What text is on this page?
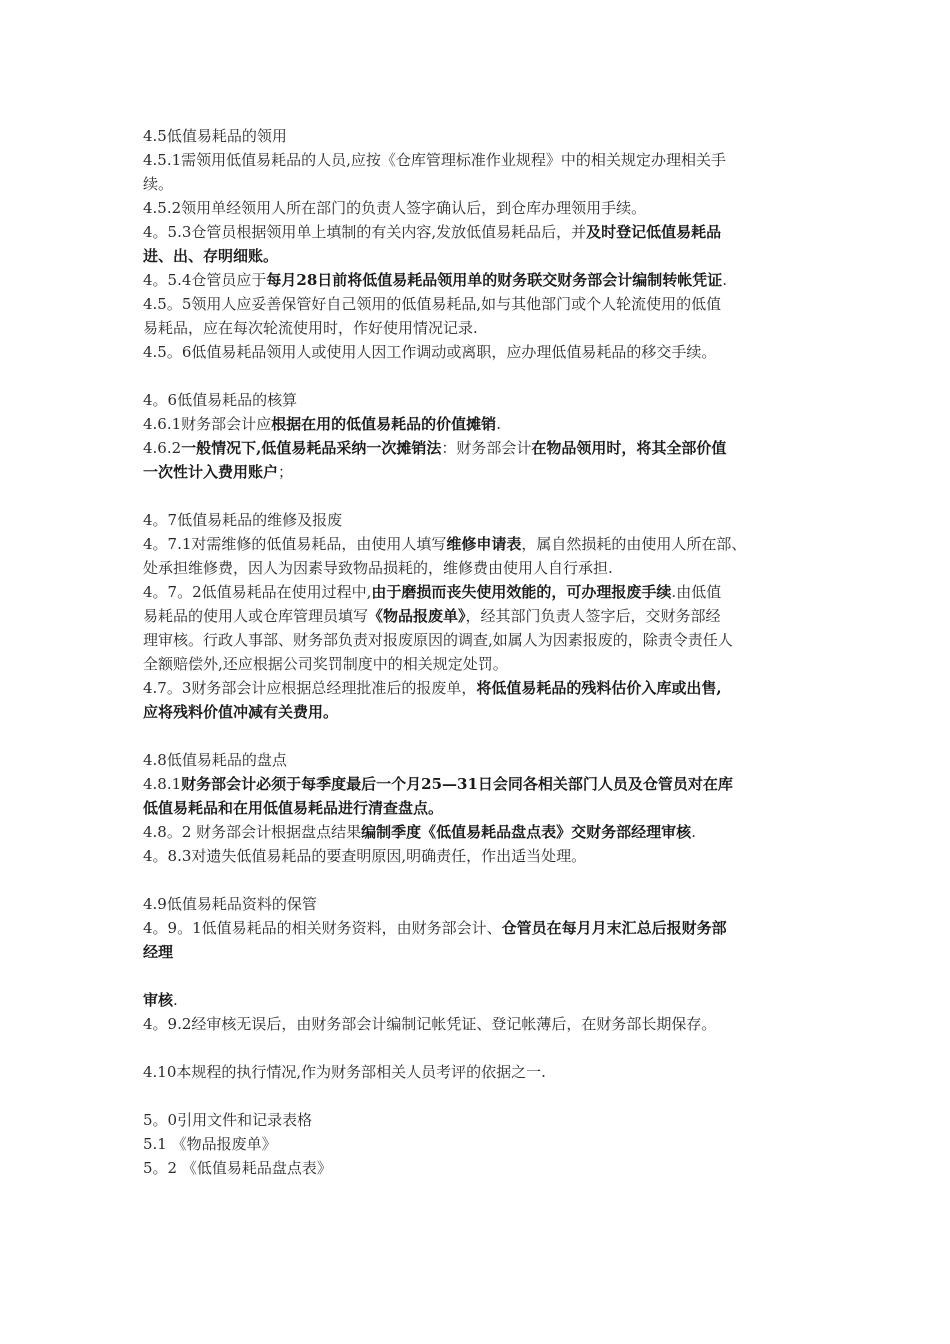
4.5低值易耗品的领用
4.5.1需领用低值易耗品的人员,应按《仓库管理标准作业规程》中的相关规定办理相关手
续。
4.5.2领用单经领用人所在部门的负责人签字确认后，到仓库办理领用手续。
4。5.3仓管员根据领用单上填制的有关内容,发放低值易耗品后，并及时登记低值易耗品
进、出、存明细账。
4。5.4仓管员应于每月28日前将低值易耗品领用单的财务联交财务部会计编制转帐凭证.
4.5。5领用人应妥善保管好自己领用的低值易耗品,如与其他部门或个人轮流使用的低值
易耗品，应在每次轮流使用时，作好使用情况记录.
4.5。6低值易耗品领用人或使用人因工作调动或离职，应办理低值易耗品的移交手续。
4。6低值易耗品的核算
4.6.1财务部会计应根据在用的低值易耗品的价值摊销.
4.6.2一般情况下,低值易耗品采纳一次摊销法：财务部会计在物品领用时，将其全部价值
一次性计入费用账户；
4。7低值易耗品的维修及报废
4。7.1对需维修的低值易耗品，由使用人填写维修申请表，属自然损耗的由使用人所在部、
处承担维修费，因人为因素导致物品损耗的，维修费由使用人自行承担.
4。7。2低值易耗品在使用过程中,由于磨损而丧失使用效能的，可办理报废手续.由低值
易耗品的使用人或仓库管理员填写《物品报废单》，经其部门负责人签字后，交财务部经
理审核。行政人事部、财务部负责对报废原因的调查,如属人为因素报废的，除责令责任人
全额赔偿外,还应根据公司奖罚制度中的相关规定处罚。
4.7。3财务部会计应根据总经理批准后的报废单，将低值易耗品的残料估价入库或出售,
应将残料价值冲减有关费用。
4.8低值易耗品的盘点
4.8.1财务部会计必须于每季度最后一个月25—31日会同各相关部门人员及仓管员对在库
低值易耗品和在用低值易耗品进行清查盘点。
4.8。2 财务部会计根据盘点结果编制季度《低值易耗品盘点表》交财务部经理审核.
4。8.3对遗失低值易耗品的要查明原因,明确责任，作出适当处理。
4.9低值易耗品资料的保管
4。9。1低值易耗品的相关财务资料，由财务部会计、仓管员在每月月末汇总后报财务部
经理
审核.
4。9.2经审核无误后，由财务部会计编制记帐凭证、登记帐薄后，在财务部长期保存。
4.10本规程的执行情况,作为财务部相关人员考评的依据之一.
5。0引用文件和记录表格
5.1 《物品报废单》
5。2 《低值易耗品盘点表》
